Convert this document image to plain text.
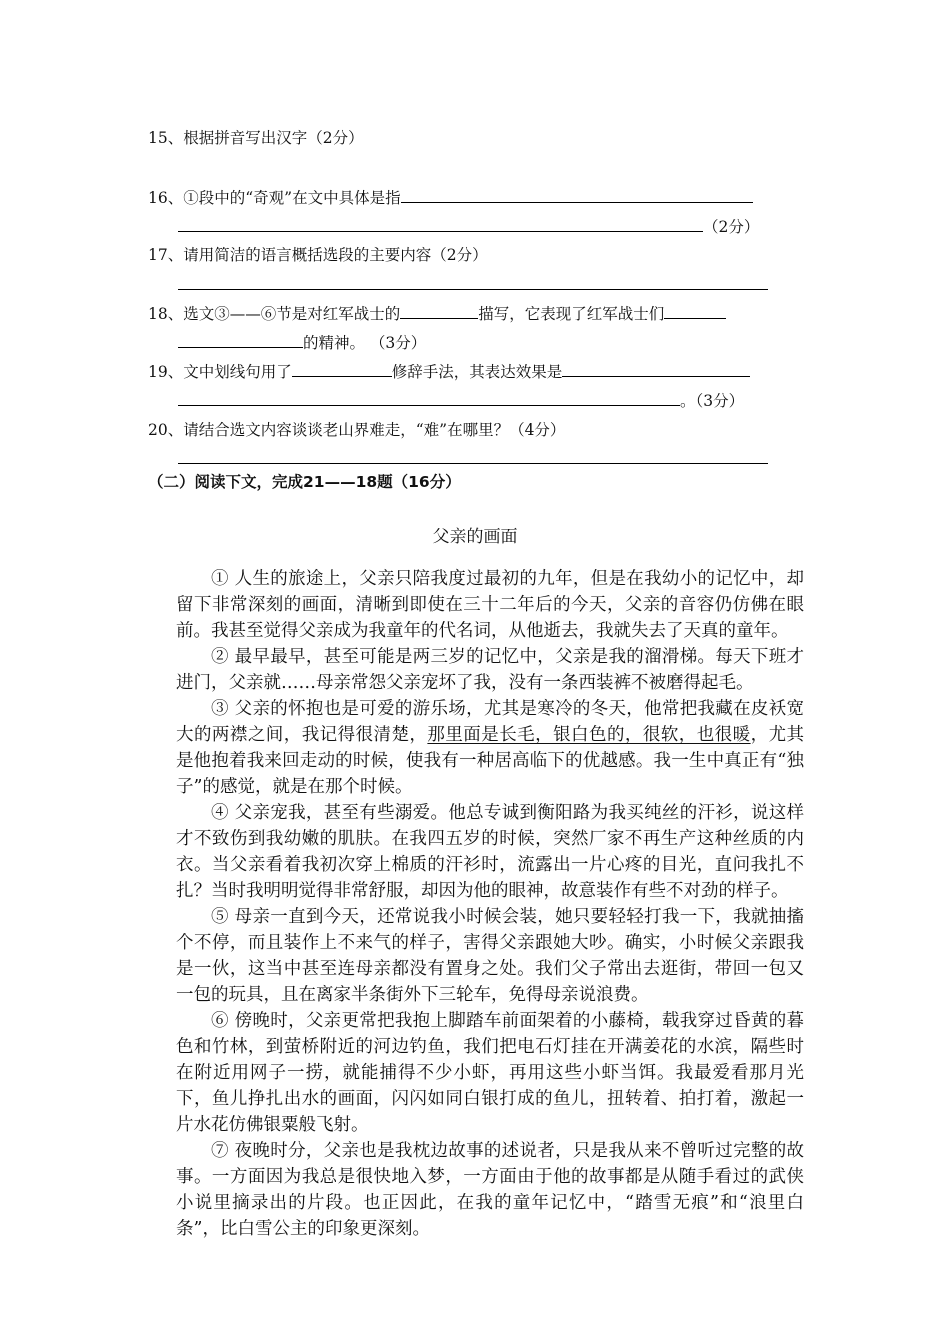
15、根据拼音写出汉字（2分）
16、①段中的“奇观”在文中具体是指
（2分）
17、请用简洁的语言概括选段的主要内容（2分）
18、选文③——⑥节是对红军战士的	描写，它表现了红军战士们
的精神。 （3分）
19、文中划线句用了	修辞手法，其表达效果是
。（3分）
20、请结合选文内容谈谈老山界难走，“难”在哪里？（4分）
（二）阅读下文，完成21——18题（16分）
父亲的画面

① 人生的旅途上，父亲只陪我度过最初的九年，但是在我幼小的记忆中，却留下非常深刻的画面，清晰到即使在三十二年后的今天，父亲的音容仍仿佛在眼前。我甚至觉得父亲成为我童年的代名词，从他逝去，我就失去了天真的童年。

② 最早最早，甚至可能是两三岁的记忆中，父亲是我的溜滑梯。每天下班才进门，父亲就……母亲常怨父亲宠坏了我，没有一条西装裤不被磨得起毛。

③ 父亲的怀抱也是可爱的游乐场，尤其是寒冷的冬天，他常把我藏在皮袄宽大的两襟之间，我记得很清楚，那里面是长毛，银白色的，很软，也很暖，尤其是他抱着我来回走动的时候，使我有一种居高临下的优越感。我一生中真正有“独子”的感觉，就是在那个时候。

④ 父亲宠我，甚至有些溺爱。他总专诚到衡阳路为我买纯丝的汗衫，说这样才不致伤到我幼嫩的肌肤。在我四五岁的时候，突然厂家不再生产这种丝质的内衣。当父亲看着我初次穿上棉质的汗衫时，流露出一片心疼的目光，直问我扎不扎？当时我明明觉得非常舒服，却因为他的眼神，故意装作有些不对劲的样子。

⑤ 母亲一直到今天，还常说我小时候会装，她只要轻轻打我一下，我就抽搐个不停，而且装作上不来气的样子，害得父亲跟她大吵。确实，小时候父亲跟我是一伙，这当中甚至连母亲都没有置身之处。我们父子常出去逛街，带回一包又一包的玩具，且在离家半条街外下三轮车，免得母亲说浪费。

⑥ 傍晚时，父亲更常把我抱上脚踏车前面架着的小藤椅，载我穿过昏黄的暮色和竹林，到萤桥附近的河边钓鱼，我们把电石灯挂在开满姜花的水滨，隔些时在附近用网子一捞，就能捕得不少小虾，再用这些小虾当饵。我最爱看那月光下，鱼儿挣扎出水的画面，闪闪如同白银打成的鱼儿，扭转着、拍打着，激起一片水花仿佛银粟般飞射。

⑦ 夜晚时分，父亲也是我枕边故事的述说者，只是我从来不曾听过完整的故事。一方面因为我总是很快地入梦，一方面由于他的故事都是从随手看过的武侠小说里摘录出的片段。也正因此，在我的童年记忆中，“踏雪无痕”和“浪里白条”，比白雪公主的印象更深刻。
